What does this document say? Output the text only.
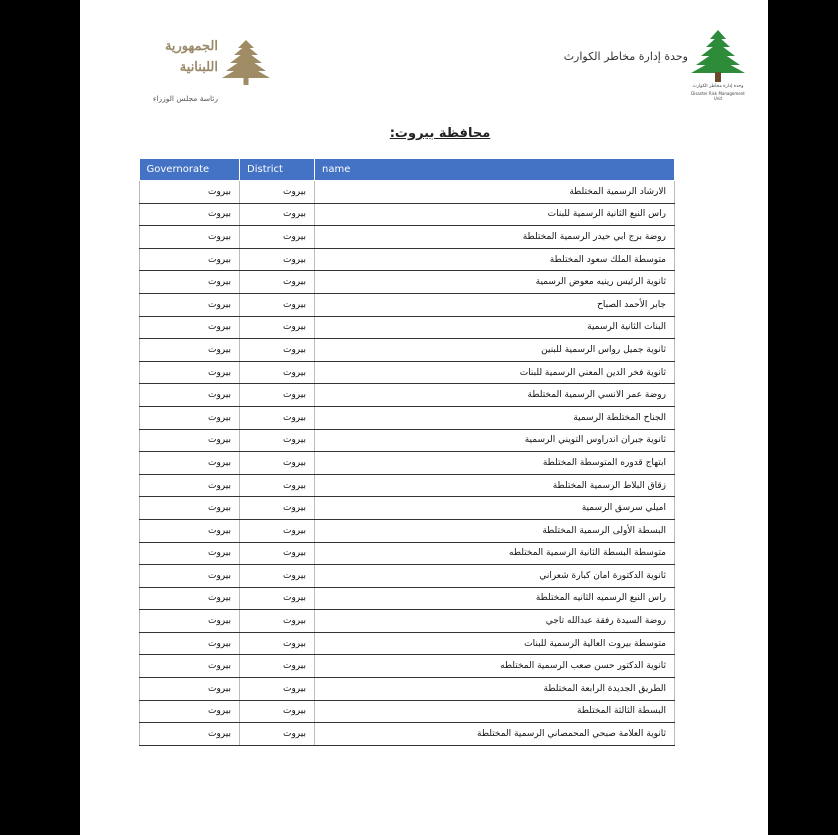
الجمهورية
اللبنانية
رئاسة مجلس الوزراء
وحدة إدارة مخاطر الكوارث
وحدة إدارة مخاطر الكوارث
Disaster Risk Management Unit
محافظة بيروت:
Governorate	District	name
بيروت	بيروت	الارشاد الرسمية المختلطة
بيروت	بيروت	راس النبع الثانية الرسمية للبنات
بيروت	بيروت	روضة برج ابي حيدر الرسمية المختلطة
بيروت	بيروت	متوسطة الملك سعود المختلطة
بيروت	بيروت	ثانوية الرئيس رينيه معوض الرسمية
بيروت	بيروت	جابر الأحمد الصباح
بيروت	بيروت	البنات الثانية الرسمية
بيروت	بيروت	ثانوية جميل رواس الرسمية للبنين
بيروت	بيروت	ثانوية فخر الدين المعني الرسمية للبنات
بيروت	بيروت	روضة عمر الانسي الرسمية المختلطة
بيروت	بيروت	الجناح المختلطة الرسمية
بيروت	بيروت	ثانوية جبران اندراوس التويني الرسمية
بيروت	بيروت	ابتهاج قدوره المتوسطة المختلطة
بيروت	بيروت	زقاق البلاط الرسمية المختلطة
بيروت	بيروت	اميلي سرسق الرسمية
بيروت	بيروت	البسطة الأولى الرسمية المختلطة
بيروت	بيروت	متوسطة البسطة الثانية الرسمية المختلطه
بيروت	بيروت	ثانوية الدكتورة امان كبارة شعراني
بيروت	بيروت	راس النبع الرسميه الثانيه المختلطة
بيروت	بيروت	روضة السيدة رفقة عبدالله تاجي
بيروت	بيروت	متوسطة بيروت العالية الرسمية للبنات
بيروت	بيروت	ثانوية الدكتور حسن صعب الرسمية المختلطه
بيروت	بيروت	الطريق الجديدة الرابعة المختلطة
بيروت	بيروت	البسطة الثالثة المختلطة
بيروت	بيروت	ثانوية العلامة صبحي المحمصاني الرسمية المختلطة
